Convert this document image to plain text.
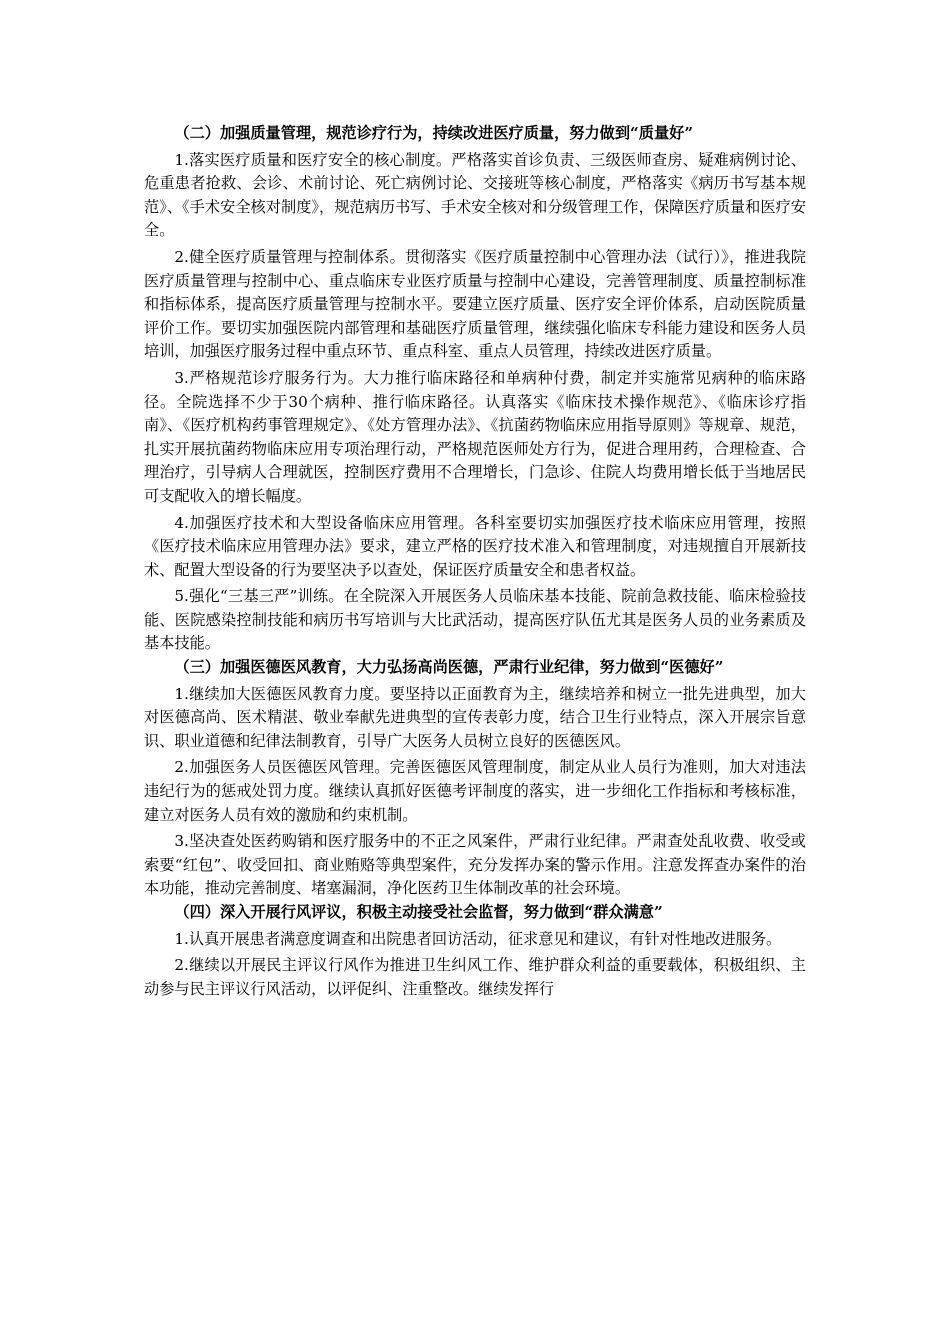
（二）加强质量管理，规范诊疗行为，持续改进医疗质量，努力做到“质量好”

1.落实医疗质量和医疗安全的核心制度。严格落实首诊负责、三级医师查房、疑难病例讨论、危重患者抢救、会诊、术前讨论、死亡病例讨论、交接班等核心制度，严格落实《病历书写基本规范》、《手术安全核对制度》，规范病历书写、手术安全核对和分级管理工作，保障医疗质量和医疗安全。

2.健全医疗质量管理与控制体系。贯彻落实《医疗质量控制中心管理办法（试行）》，推进我院医疗质量管理与控制中心、重点临床专业医疗质量与控制中心建设，完善管理制度、质量控制标准和指标体系，提高医疗质量管理与控制水平。要建立医疗质量、医疗安全评价体系，启动医院质量评价工作。要切实加强医院内部管理和基础医疗质量管理，继续强化临床专科能力建设和医务人员培训，加强医疗服务过程中重点环节、重点科室、重点人员管理，持续改进医疗质量。

3.严格规范诊疗服务行为。大力推行临床路径和单病种付费，制定并实施常见病种的临床路径。全院选择不少于30个病种、推行临床路径。认真落实《临床技术操作规范》、《临床诊疗指南》、《医疗机构药事管理规定》、《处方管理办法》、《抗菌药物临床应用指导原则》等规章、规范，扎实开展抗菌药物临床应用专项治理行动，严格规范医师处方行为，促进合理用药，合理检查、合理治疗，引导病人合理就医，控制医疗费用不合理增长，门急诊、住院人均费用增长低于当地居民可支配收入的增长幅度。

4.加强医疗技术和大型设备临床应用管理。各科室要切实加强医疗技术临床应用管理，按照《医疗技术临床应用管理办法》要求，建立严格的医疗技术准入和管理制度，对违规擅自开展新技术、配置大型设备的行为要坚决予以查处，保证医疗质量安全和患者权益。

5.强化“三基三严”训练。在全院深入开展医务人员临床基本技能、院前急救技能、临床检验技能、医院感染控制技能和病历书写培训与大比武活动，提高医疗队伍尤其是医务人员的业务素质及基本技能。

（三）加强医德医风教育，大力弘扬高尚医德，严肃行业纪律，努力做到“医德好”

1.继续加大医德医风教育力度。要坚持以正面教育为主，继续培养和树立一批先进典型，加大对医德高尚、医术精湛、敬业奉献先进典型的宣传表彰力度，结合卫生行业特点，深入开展宗旨意识、职业道德和纪律法制教育，引导广大医务人员树立良好的医德医风。

2.加强医务人员医德医风管理。完善医德医风管理制度，制定从业人员行为准则，加大对违法违纪行为的惩戒处罚力度。继续认真抓好医德考评制度的落实，进一步细化工作指标和考核标准，建立对医务人员有效的激励和约束机制。

3.坚决查处医药购销和医疗服务中的不正之风案件，严肃行业纪律。严肃查处乱收费、收受或索要“红包”、收受回扣、商业贿赂等典型案件，充分发挥办案的警示作用。注意发挥查办案件的治本功能，推动完善制度、堵塞漏洞，净化医药卫生体制改革的社会环境。

（四）深入开展行风评议，积极主动接受社会监督，努力做到“群众满意”

1.认真开展患者满意度调查和出院患者回访活动，征求意见和建议，有针对性地改进服务。

2.继续以开展民主评议行风作为推进卫生纠风工作、维护群众利益的重要载体，积极组织、主动参与民主评议行风活动，以评促纠、注重整改。继续发挥行
